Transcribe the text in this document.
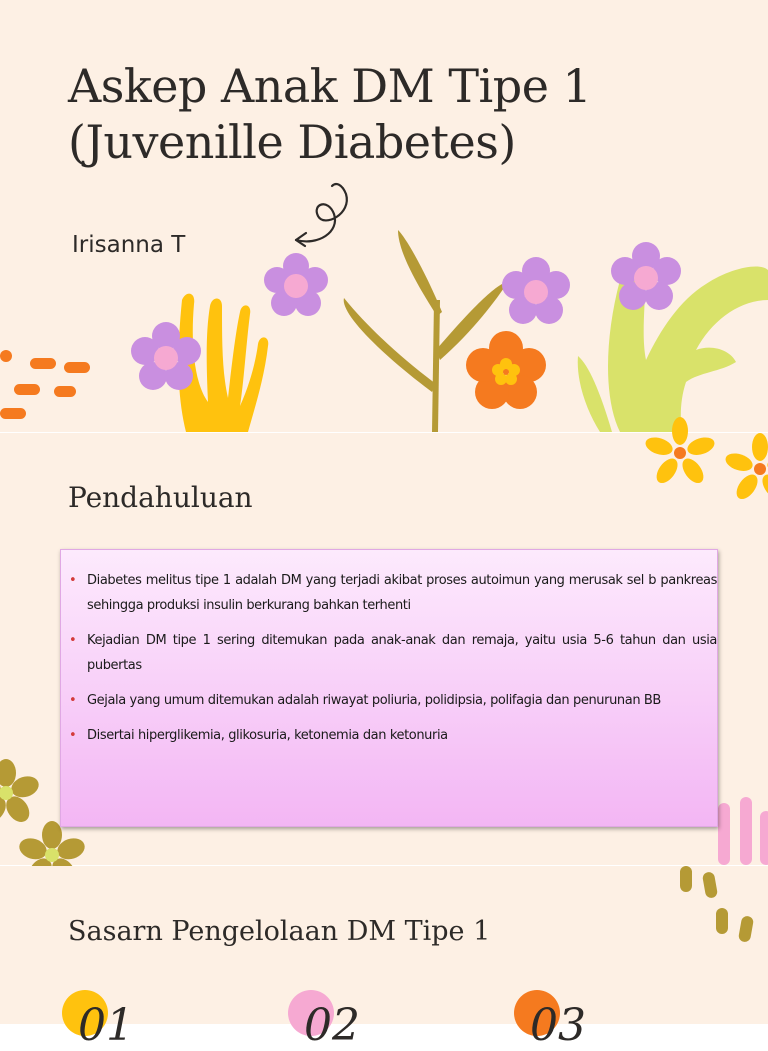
Askep Anak DM Tipe 1
(Juvenille Diabetes)
Irisanna T
Pendahuluan
• Diabetes melitus tipe 1 adalah DM yang terjadi akibat proses autoimun yang merusak sel b pankreas sehingga produksi insulin berkurang bahkan terhenti
• Kejadian DM tipe 1 sering ditemukan pada anak-anak dan remaja, yaitu usia 5-6 tahun dan usia pubertas
• Gejala yang umum ditemukan adalah riwayat poliuria, polidipsia, polifagia dan penurunan BB
• Disertai hiperglikemia, glikosuria, ketonemia dan ketonuria
Sasarn Pengelolaan DM Tipe 1
01	02	03
